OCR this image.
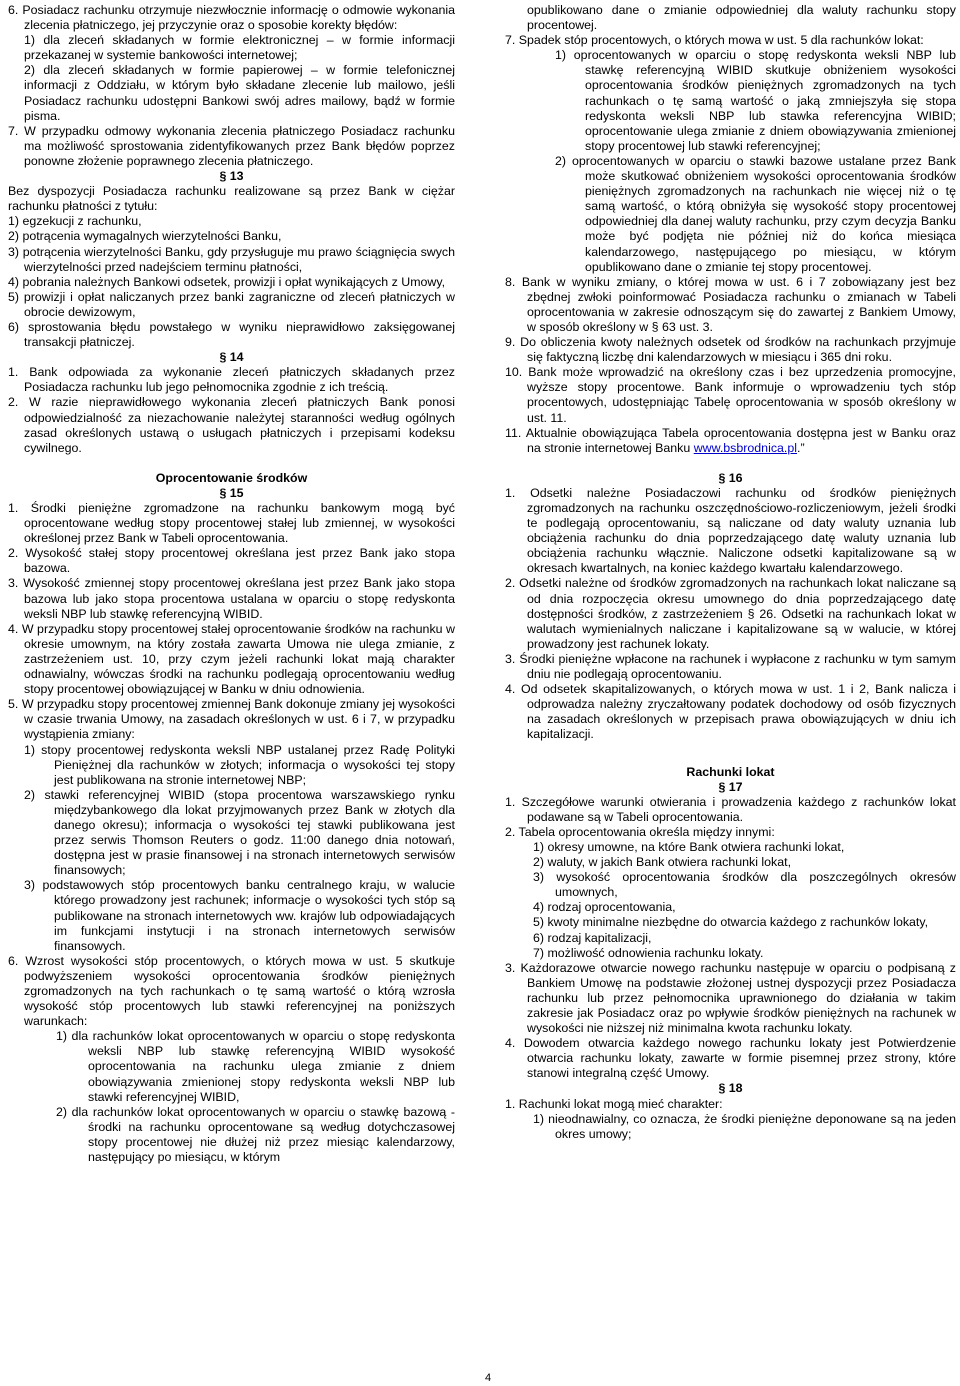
6. Posiadacz rachunku otrzymuje niezwłocznie informację o odmowie wykonania zlecenia płatniczego, jej przyczynie oraz o sposobie korekty błędów:

1) dla zleceń składanych w formie elektronicznej – w formie informacji przekazanej w systemie bankowości internetowej;

2) dla zleceń składanych w formie papierowej – w formie telefonicznej informacji z Oddziału, w którym było składane zlecenie lub mailowo, jeśli Posiadacz rachunku udostępni Bankowi swój adres mailowy, bądź w formie pisma.

7. W przypadku odmowy wykonania zlecenia płatniczego Posiadacz rachunku ma możliwość sprostowania zidentyfikowanych przez Bank błędów poprzez ponowne złożenie poprawnego zlecenia płatniczego.

§ 13

Bez dyspozycji Posiadacza rachunku realizowane są przez Bank w ciężar rachunku płatności z tytułu:

1) egzekucji z rachunku,

2) potrącenia wymagalnych wierzytelności Banku,

3) potrącenia wierzytelności Banku, gdy przysługuje mu prawo ściągnięcia swych wierzytelności przed nadejściem terminu płatności,

4) pobrania należnych Bankowi odsetek, prowizji i opłat wynikających z Umowy,

5) prowizji i opłat naliczanych przez banki zagraniczne od zleceń płatniczych w obrocie dewizowym,

6) sprostowania błędu powstałego w wyniku nieprawidłowo zaksięgowanej transakcji płatniczej.

§ 14

1. Bank odpowiada za wykonanie zleceń płatniczych składanych przez Posiadacza rachunku lub jego pełnomocnika zgodnie z ich treścią.

2. W razie nieprawidłowego wykonania zleceń płatniczych Bank ponosi odpowiedzialność za niezachowanie należytej staranności według ogólnych zasad określonych ustawą o usługach płatniczych i przepisami kodeksu cywilnego.

Oprocentowanie środków

§ 15

1. Środki pieniężne zgromadzone na rachunku bankowym mogą być oprocentowane według stopy procentowej stałej lub zmiennej, w wysokości określonej przez Bank w Tabeli oprocentowania.

2. Wysokość stałej stopy procentowej określana jest przez Bank jako stopa bazowa.

3. Wysokość zmiennej stopy procentowej określana jest przez Bank jako stopa bazowa lub jako stopa procentowa ustalana w oparciu o stopę redyskonta weksli NBP lub stawkę referencyjną WIBID.

4. W przypadku stopy procentowej stałej oprocentowanie środków na rachunku w okresie umownym, na który została zawarta Umowa nie ulega zmianie, z zastrzeżeniem ust. 10, przy czym jeżeli rachunki lokat mają charakter odnawialny, wówczas środki na rachunku podlegają oprocentowaniu według stopy procentowej obowiązującej w Banku w dniu odnowienia.

5. W przypadku stopy procentowej zmiennej Bank dokonuje zmiany jej wysokości w czasie trwania Umowy, na zasadach określonych w ust. 6 i 7, w przypadku wystąpienia zmiany:

1) stopy procentowej redyskonta weksli NBP ustalanej przez Radę Polityki Pieniężnej dla rachunków w złotych; informacja o wysokości tej stopy jest publikowana na stronie internetowej NBP;

2) stawki referencyjnej WIBID (stopa procentowa warszawskiego rynku międzybankowego dla lokat przyjmowanych przez Bank w złotych dla danego okresu); informacja o wysokości tej stawki publikowana jest przez serwis Thomson Reuters o godz. 11:00 danego dnia notowań, dostępna jest w prasie finansowej i na stronach internetowych serwisów finansowych;

3) podstawowych stóp procentowych banku centralnego kraju, w walucie którego prowadzony jest rachunek; informacje o wysokości tych stóp są publikowane na stronach internetowych ww. krajów lub odpowiadających im funkcjami instytucji i na stronach internetowych serwisów finansowych.

6. Wzrost wysokości stóp procentowych, o których mowa w ust. 5 skutkuje podwyższeniem wysokości oprocentowania środków pieniężnych zgromadzonych na tych rachunkach o tę samą wartość o którą wzrosła wysokość stóp procentowych lub stawki referencyjnej na poniższych warunkach:

1) dla rachunków lokat oprocentowanych w oparciu o stopę redyskonta weksli NBP lub stawkę referencyjną WIBID wysokość oprocentowania na rachunku ulega zmianie z dniem obowiązywania zmienionej stopy redyskonta weksli NBP lub stawki referencyjnej WIBID,

2) dla rachunków lokat oprocentowanych w oparciu o stawkę bazową - środki na rachunku oprocentowane są według dotychczasowej stopy procentowej nie dłużej niż przez miesiąc kalendarzowy, następujący po miesiącu, w którym

opublikowano dane o zmianie odpowiedniej dla waluty rachunku stopy procentowej.

7. Spadek stóp procentowych, o których mowa w ust. 5 dla rachunków lokat:

1) oprocentowanych w oparciu o stopę redyskonta weksli NBP lub stawkę referencyjną WIBID skutkuje obniżeniem wysokości oprocentowania środków pieniężnych zgromadzonych na tych rachunkach o tę samą wartość o jaką zmniejszyła się stopa redyskonta weksli NBP lub stawka referencyjna WIBID; oprocentowanie ulega zmianie z dniem obowiązywania zmienionej stopy procentowej lub stawki referencyjnej;

2) oprocentowanych w oparciu o stawki bazowe ustalane przez Bank może skutkować obniżeniem wysokości oprocentowania środków pieniężnych zgromadzonych na rachunkach nie więcej niż o tę samą wartość, o którą obniżyła się wysokość stopy procentowej odpowiedniej dla danej waluty rachunku, przy czym decyzja Banku może być podjęta nie później niż do końca miesiąca kalendarzowego, następującego po miesiącu, w którym opublikowano dane o zmianie tej stopy procentowej.

8. Bank w wyniku zmiany, o której mowa w ust. 6 i 7 zobowiązany jest bez zbędnej zwłoki poinformować Posiadacza rachunku o zmianach w Tabeli oprocentowania w zakresie odnoszącym się do zawartej z Bankiem Umowy, w sposób określony w § 63 ust. 3.

9. Do obliczenia kwoty należnych odsetek od środków na rachunkach przyjmuje się faktyczną liczbę dni kalendarzowych w miesiącu i 365 dni roku.

10. Bank może wprowadzić na określony czas i bez uprzedzenia promocyjne, wyższe stopy procentowe. Bank informuje o wprowadzeniu tych stóp procentowych, udostępniając Tabelę oprocentowania w sposób określony w ust. 11.

11. Aktualnie obowiązująca Tabela oprocentowania dostępna jest w Banku oraz na stronie internetowej Banku www.bsbrodnica.pl.”

§ 16

1. Odsetki należne Posiadaczowi rachunku od środków pieniężnych zgromadzonych na rachunku oszczędnościowo-rozliczeniowym, jeżeli środki te podlegają oprocentowaniu, są naliczane od daty waluty uznania lub obciążenia rachunku do dnia poprzedzającego datę waluty uznania lub obciążenia rachunku włącznie. Naliczone odsetki kapitalizowane są w okresach kwartalnych, na koniec każdego kwartału kalendarzowego.

2. Odsetki należne od środków zgromadzonych na rachunkach lokat naliczane są od dnia rozpoczęcia okresu umownego do dnia poprzedzającego datę dostępności środków, z zastrzeżeniem § 26. Odsetki na rachunkach lokat w walutach wymienialnych naliczane i kapitalizowane są w walucie, w której prowadzony jest rachunek lokaty.

3. Środki pieniężne wpłacone na rachunek i wypłacone z rachunku w tym samym dniu nie podlegają oprocentowaniu.

4. Od odsetek skapitalizowanych, o których mowa w ust. 1 i 2, Bank nalicza i odprowadza należny zryczałtowany podatek dochodowy od osób fizycznych na zasadach określonych w przepisach prawa obowiązujących w dniu ich kapitalizacji.

Rachunki lokat

§ 17

1. Szczegółowe warunki otwierania i prowadzenia każdego z rachunków lokat podawane są w Tabeli oprocentowania.

2. Tabela oprocentowania określa między innymi:

1) okresy umowne, na które Bank otwiera rachunki lokat,

2) waluty, w jakich Bank otwiera rachunki lokat,

3) wysokość oprocentowania środków dla poszczególnych okresów umownych,

4) rodzaj oprocentowania,

5) kwoty minimalne niezbędne do otwarcia każdego z rachunków lokaty,

6) rodzaj kapitalizacji,

7) możliwość odnowienia rachunku lokaty.

3. Każdorazowe otwarcie nowego rachunku następuje w oparciu o podpisaną z Bankiem Umowę na podstawie złożonej ustnej dyspozycji przez Posiadacza rachunku lub przez pełnomocnika uprawnionego do działania w takim zakresie jak Posiadacz oraz po wpływie środków pieniężnych na rachunek w wysokości nie niższej niż minimalna kwota rachunku lokaty.

4. Dowodem otwarcia każdego nowego rachunku lokaty jest Potwierdzenie otwarcia rachunku lokaty, zawarte w formie pisemnej przez strony, które stanowi integralną część Umowy.

§ 18

1. Rachunki lokat mogą mieć charakter:

1) nieodnawialny, co oznacza, że środki pieniężne deponowane są na jeden okres umowy;

4
